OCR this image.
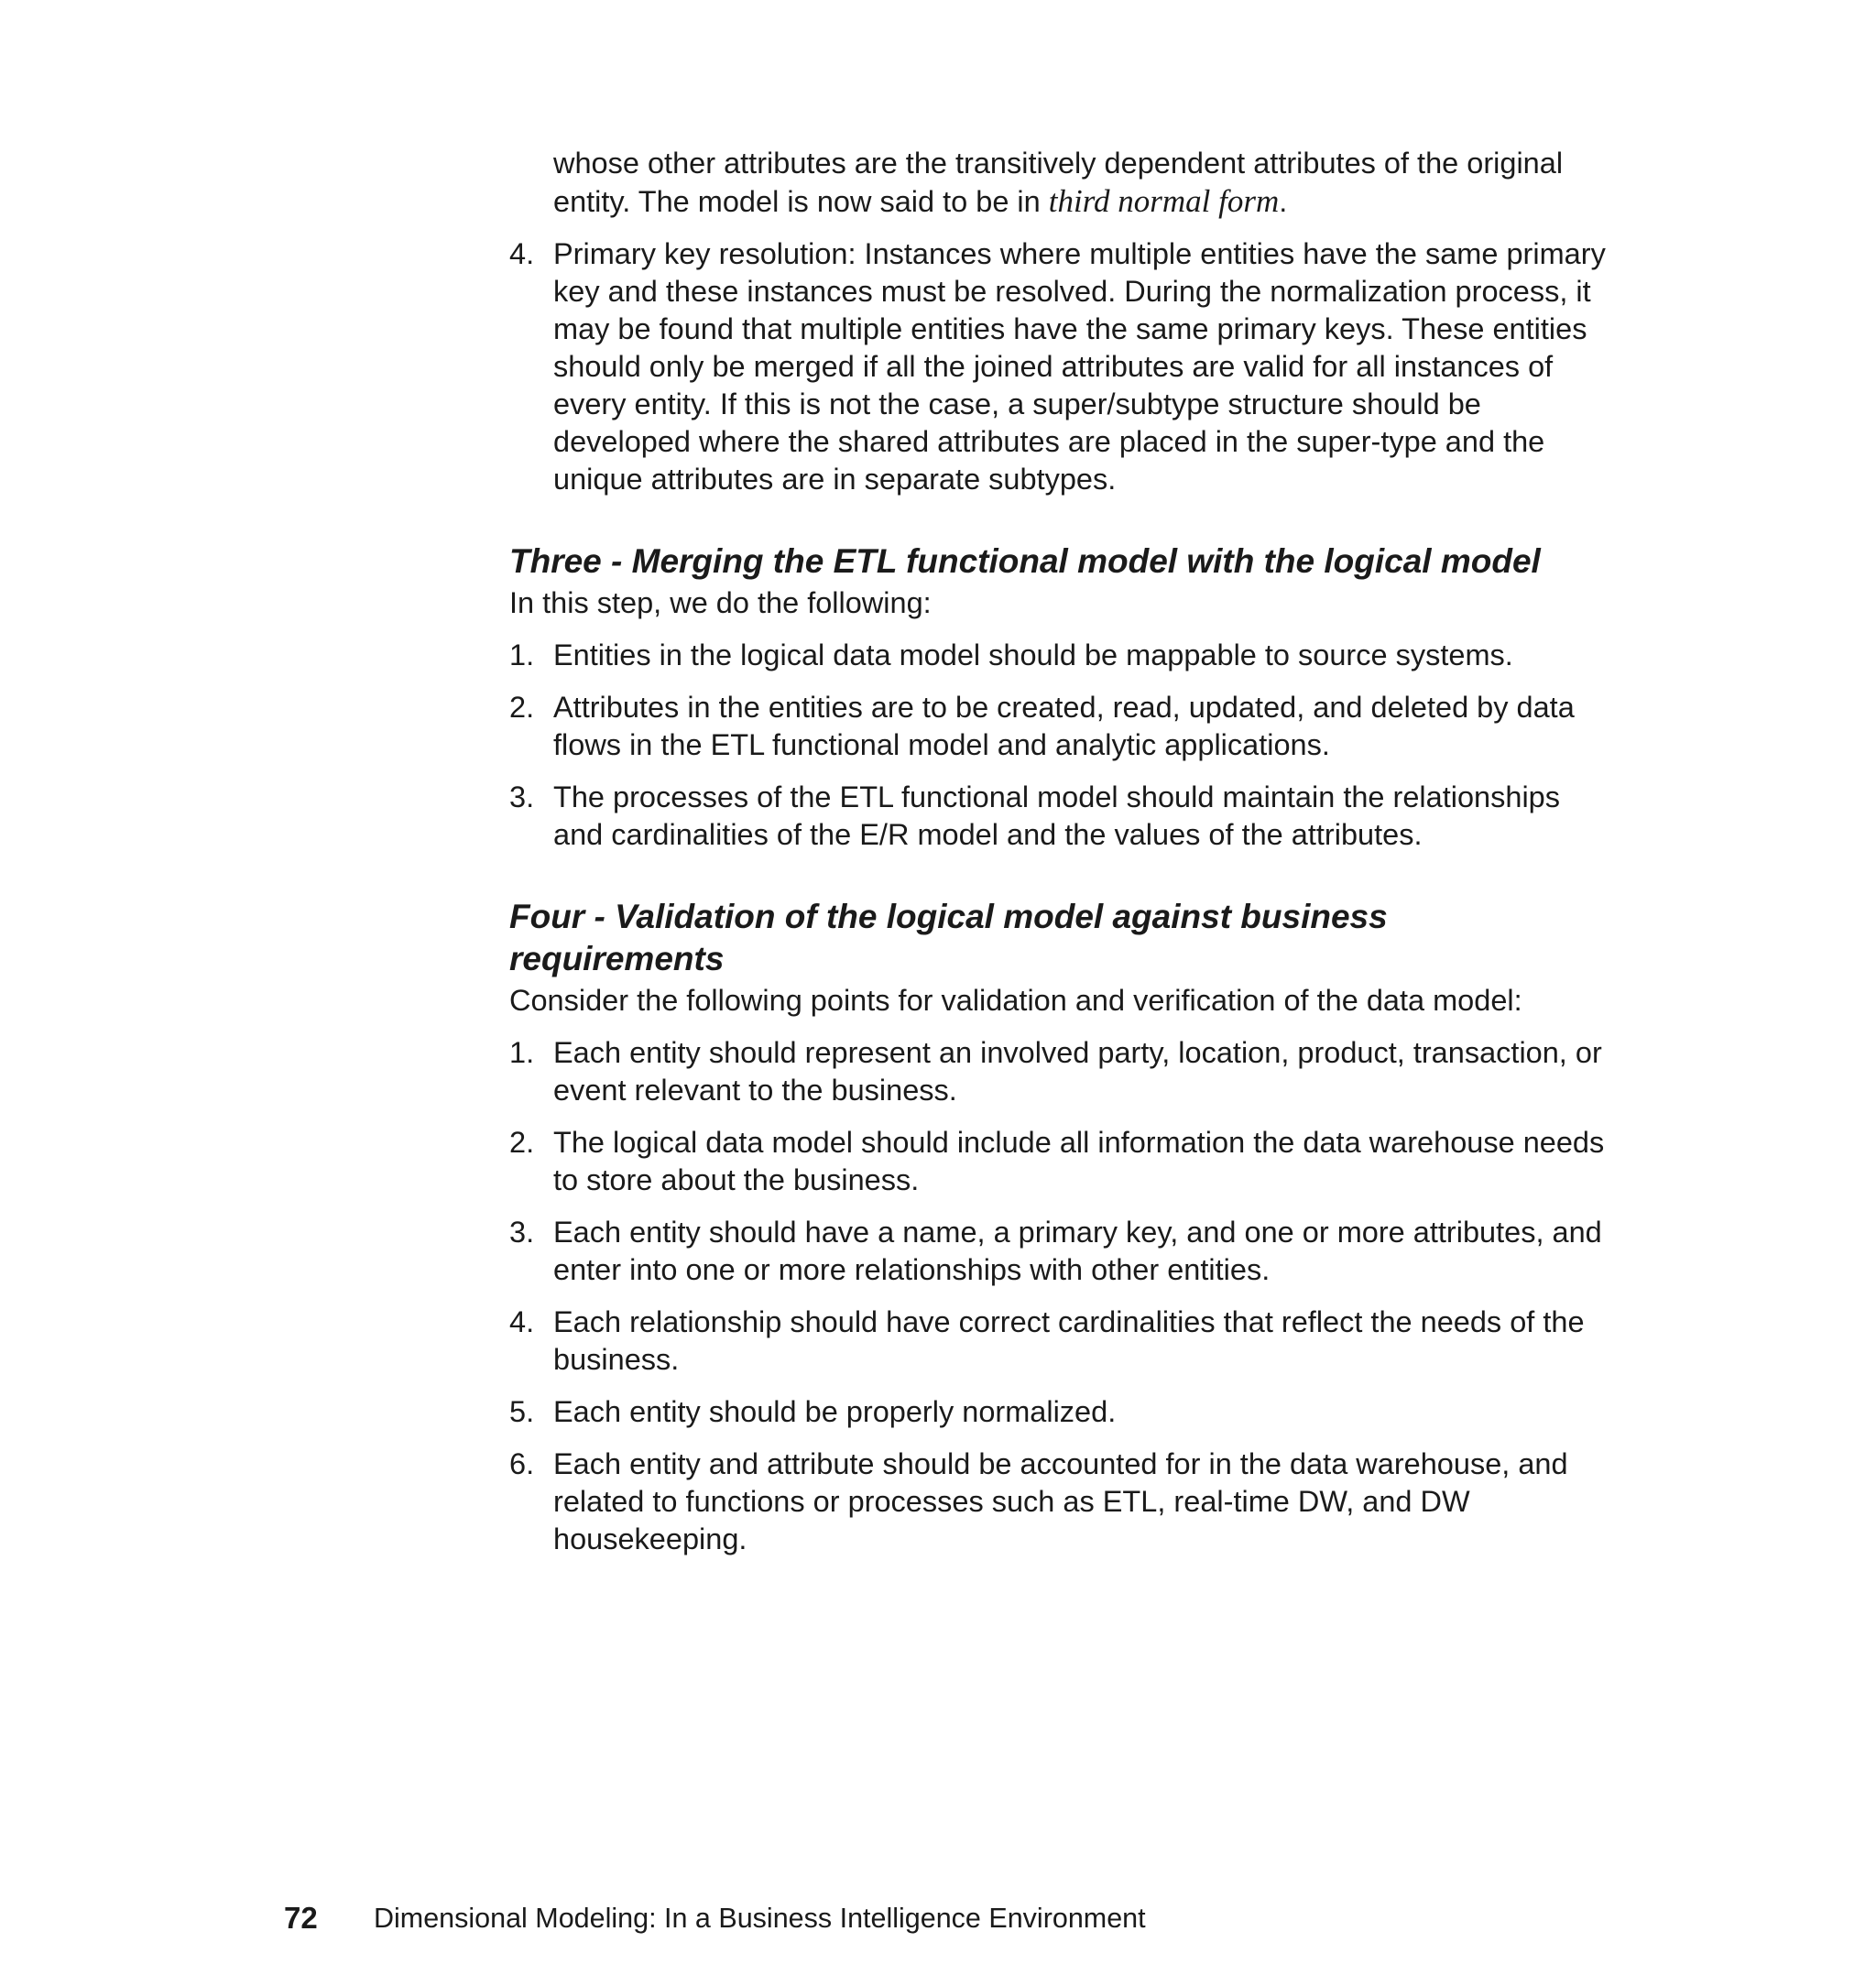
whose other attributes are the transitively dependent attributes of the original entity. The model is now said to be in third normal form.

4. Primary key resolution: Instances where multiple entities have the same primary key and these instances must be resolved. During the normalization process, it may be found that multiple entities have the same primary keys. These entities should only be merged if all the joined attributes are valid for all instances of every entity. If this is not the case, a super/subtype structure should be developed where the shared attributes are placed in the super-type and the unique attributes are in separate subtypes.
Three - Merging the ETL functional model with the logical model

In this step, we do the following:

1. Entities in the logical data model should be mappable to source systems.
2. Attributes in the entities are to be created, read, updated, and deleted by data flows in the ETL functional model and analytic applications.
3. The processes of the ETL functional model should maintain the relationships and cardinalities of the E/R model and the values of the attributes.
Four - Validation of the logical model against business requirements

Consider the following points for validation and verification of the data model:

1. Each entity should represent an involved party, location, product, transaction, or event relevant to the business.
2. The logical data model should include all information the data warehouse needs to store about the business.
3. Each entity should have a name, a primary key, and one or more attributes, and enter into one or more relationships with other entities.
4. Each relationship should have correct cardinalities that reflect the needs of the business.
5. Each entity should be properly normalized.
6. Each entity and attribute should be accounted for in the data warehouse, and related to functions or processes such as ETL, real-time DW, and DW housekeeping.
72	Dimensional Modeling: In a Business Intelligence Environment
